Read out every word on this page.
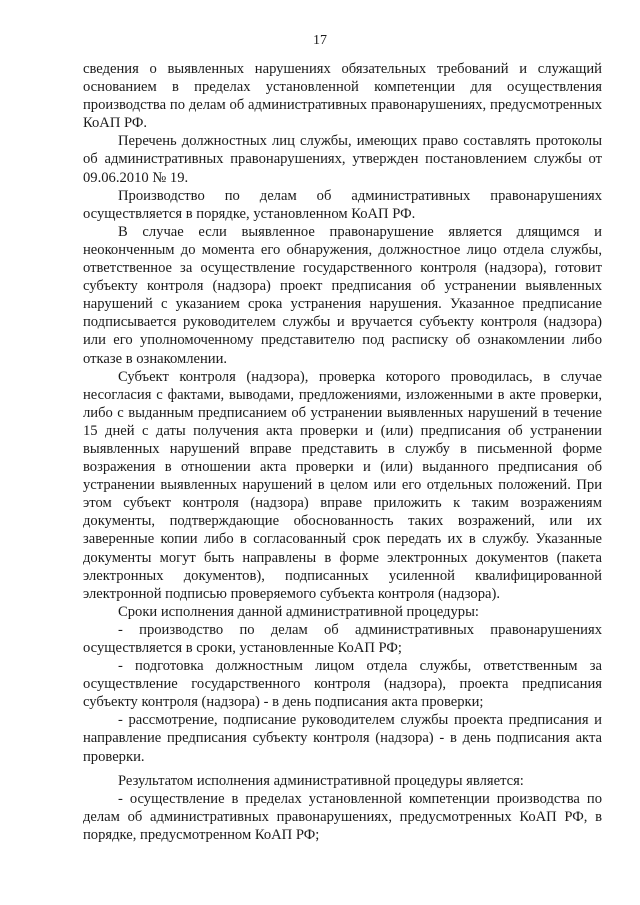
17

сведения о выявленных нарушениях обязательных требований и служащий основанием в пределах установленной компетенции для осуществления производства по делам об административных правонарушениях, предусмотренных КоАП РФ.

Перечень должностных лиц службы, имеющих право составлять протоколы об административных правонарушениях, утвержден постановлением службы от 09.06.2010 № 19.

Производство по делам об административных правонарушениях осуществляется в порядке, установленном КоАП РФ.

В случае если выявленное правонарушение является длящимся и неоконченным до момента его обнаружения, должностное лицо отдела службы, ответственное за осуществление государственного контроля (надзора), готовит субъекту контроля (надзора) проект предписания об устранении выявленных нарушений с указанием срока устранения нарушения. Указанное предписание подписывается руководителем службы и вручается субъекту контроля (надзора) или его уполномоченному представителю под расписку об ознакомлении либо отказе в ознакомлении.

Субъект контроля (надзора), проверка которого проводилась, в случае несогласия с фактами, выводами, предложениями, изложенными в акте проверки, либо с выданным предписанием об устранении выявленных нарушений в течение 15 дней с даты получения акта проверки и (или) предписания об устранении выявленных нарушений вправе представить в службу в письменной форме возражения в отношении акта проверки и (или) выданного предписания об устранении выявленных нарушений в целом или его отдельных положений. При этом субъект контроля (надзора) вправе приложить к таким возражениям документы, подтверждающие обоснованность таких возражений, или их заверенные копии либо в согласованный срок передать их в службу. Указанные документы могут быть направлены в форме электронных документов (пакета электронных документов), подписанных усиленной квалифицированной электронной подписью проверяемого субъекта контроля (надзора).

Сроки исполнения данной административной процедуры:

- производство по делам об административных правонарушениях осуществляется в сроки, установленные КоАП РФ;

- подготовка должностным лицом отдела службы, ответственным за осуществление государственного контроля (надзора), проекта предписания субъекту контроля (надзора) - в день подписания акта проверки;

- рассмотрение, подписание руководителем службы проекта предписания и направление предписания субъекту контроля (надзора) - в день подписания акта проверки.

Результатом исполнения административной процедуры является:

- осуществление в пределах установленной компетенции производства по делам об административных правонарушениях, предусмотренных КоАП РФ, в порядке, предусмотренном КоАП РФ;
